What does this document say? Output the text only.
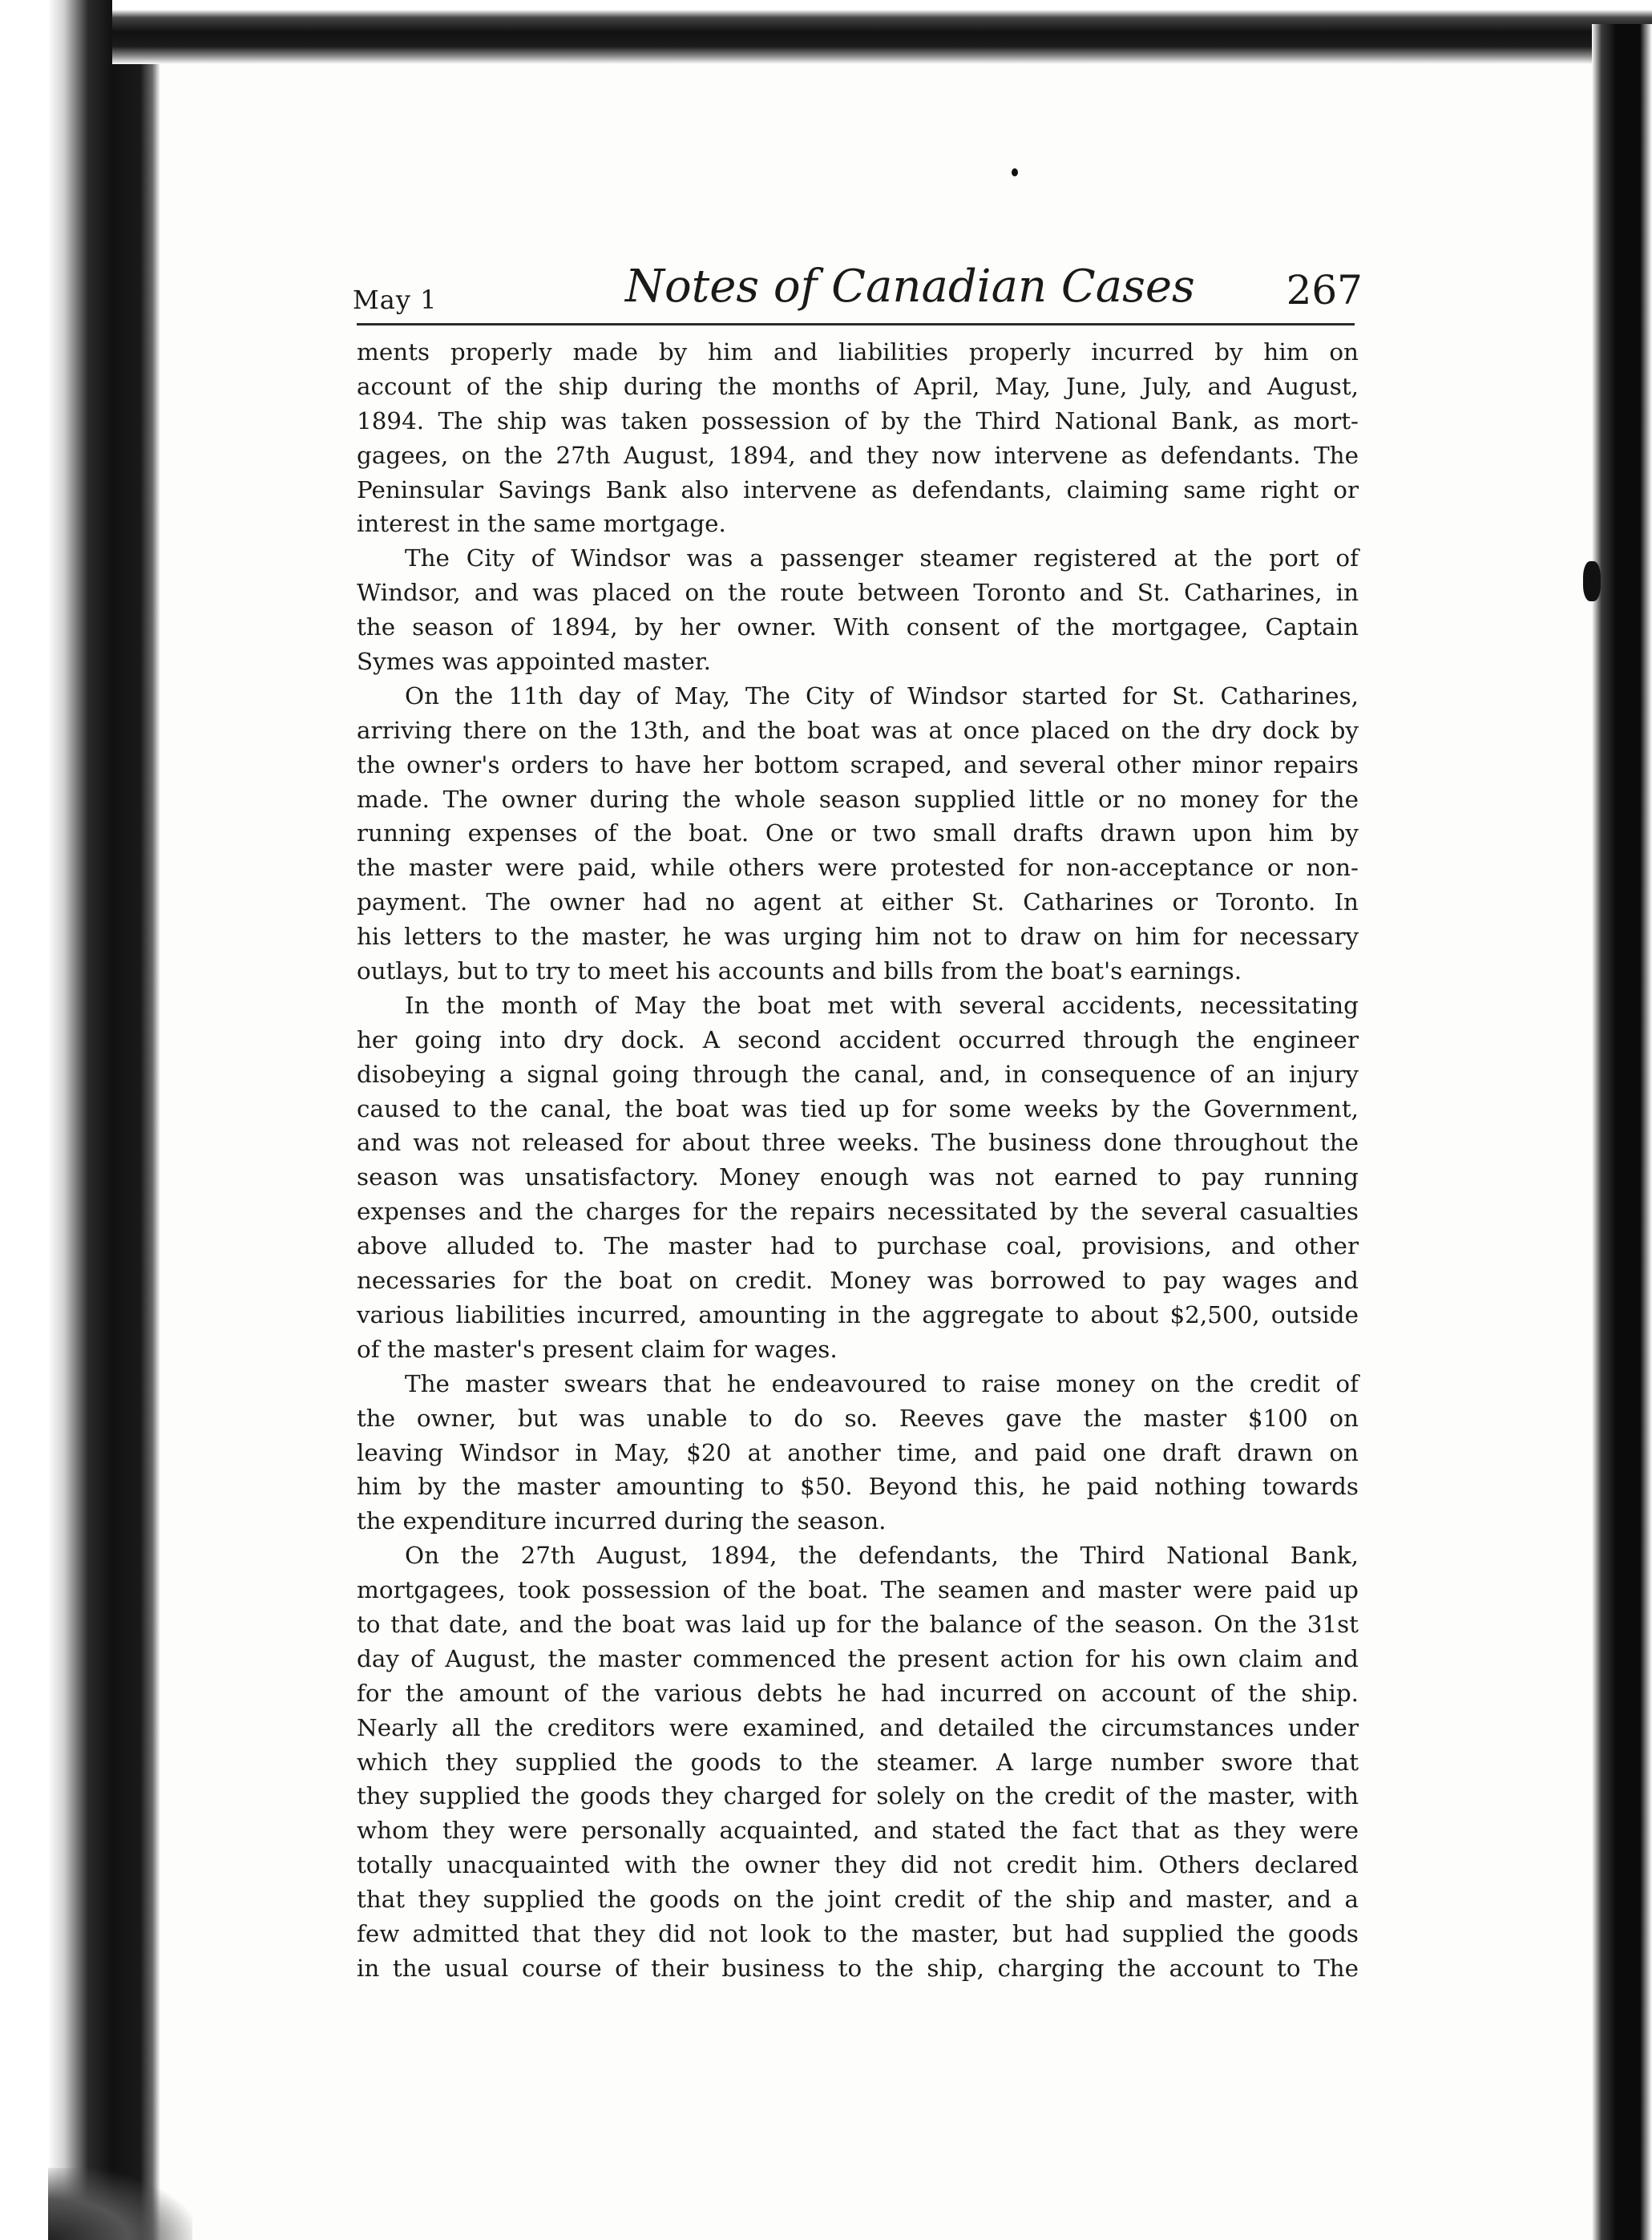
May 1	Notes of Canadian Cases 267
ments properly made by him and liabilities properly incurred by him on
account of the ship during the months of April, May, June, July, and August,
1894. The ship was taken possession of by the Third National Bank, as mort-
gagees, on the 27th August, 1894, and they now intervene as defendants. The
Peninsular Savings Bank also intervene as defendants, claiming same right or
interest in the same mortgage.
The City of Windsor was a passenger steamer registered at the port of
Windsor, and was placed on the route between Toronto and St. Catharines, in
the season of 1894, by her owner. With consent of the mortgagee, Captain
Symes was appointed master.
On the 11th day of May, The City of Windsor started for St. Catharines,
arriving there on the 13th, and the boat was at once placed on the dry dock by
the owner's orders to have her bottom scraped, and several other minor repairs
made. The owner during the whole season supplied little or no money for the
running expenses of the boat. One or two small drafts drawn upon him by
the master were paid, while others were protested for non-acceptance or non-
payment. The owner had no agent at either St. Catharines or Toronto. In
his letters to the master, he was urging him not to draw on him for necessary
outlays, but to try to meet his accounts and bills from the boat's earnings.
In the month of May the boat met with several accidents, necessitating
her going into dry dock. A second accident occurred through the engineer
disobeying a signal going through the canal, and, in consequence of an injury
caused to the canal, the boat was tied up for some weeks by the Government,
and was not released for about three weeks. The business done throughout the
season was unsatisfactory. Money enough was not earned to pay running
expenses and the charges for the repairs necessitated by the several casualties
above alluded to. The master had to purchase coal, provisions, and other
necessaries for the boat on credit. Money was borrowed to pay wages and
various liabilities incurred, amounting in the aggregate to about $2,500, outside
of the master's present claim for wages.
The master swears that he endeavoured to raise money on the credit of
the owner, but was unable to do so. Reeves gave the master $100 on
leaving Windsor in May, $20 at another time, and paid one draft drawn on
him by the master amounting to $50. Beyond this, he paid nothing towards
the expenditure incurred during the season.
On the 27th August, 1894, the defendants, the Third National Bank,
mortgagees, took possession of the boat. The seamen and master were paid up
to that date, and the boat was laid up for the balance of the season. On the 31st
day of August, the master commenced the present action for his own claim and
for the amount of the various debts he had incurred on account of the ship.
Nearly all the creditors were examined, and detailed the circumstances under
which they supplied the goods to the steamer. A large number swore that
they supplied the goods they charged for solely on the credit of the master, with
whom they were personally acquainted, and stated the fact that as they were
totally unacquainted with the owner they did not credit him. Others declared
that they supplied the goods on the joint credit of the ship and master, and a
few admitted that they did not look to the master, but had supplied the goods
in the usual course of their business to the ship, charging the account to The
